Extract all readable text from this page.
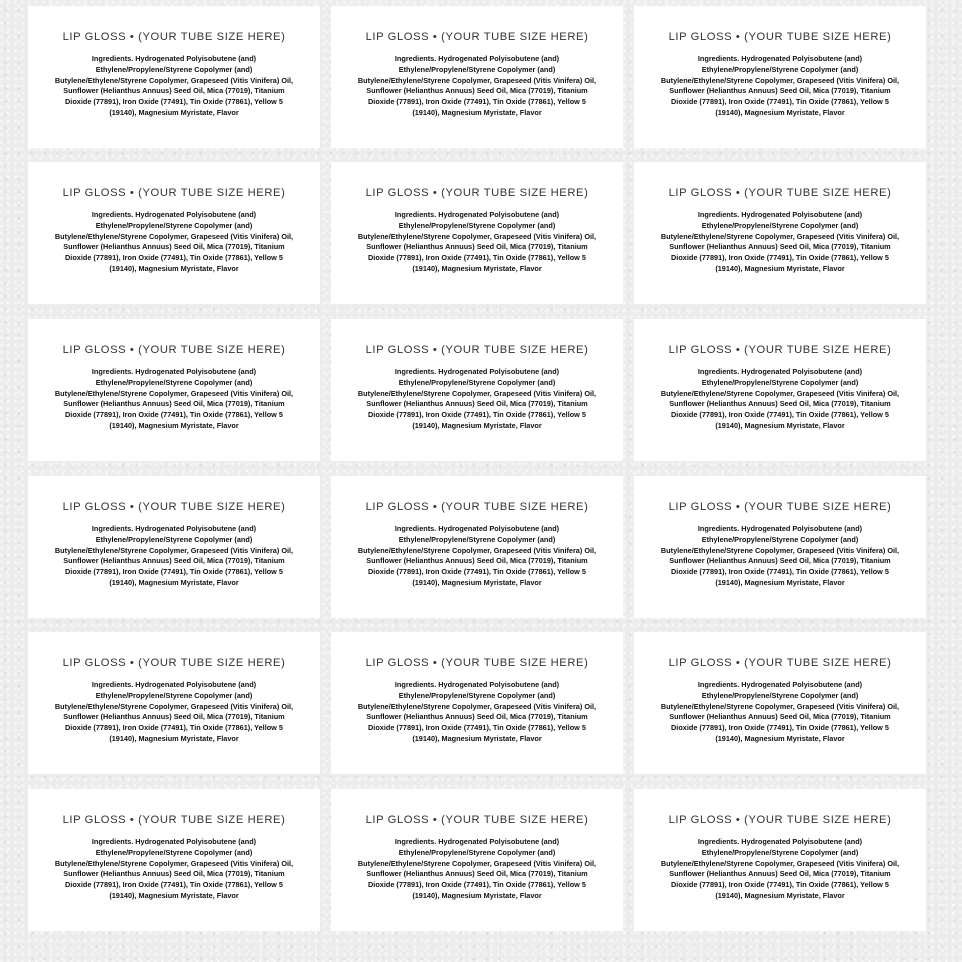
LIP GLOSS • (YOUR TUBE SIZE HERE)
Ingredients. Hydrogenated Polyisobutene (and)
Ethylene/Propylene/Styrene Copolymer (and)
Butylene/Ethylene/Styrene Copolymer, Grapeseed (Vitis Vinifera) Oil,
Sunflower (Helianthus Annuus) Seed Oil, Mica (77019), Titanium
Dioxide (77891), Iron Oxide (77491), Tin Oxide (77861), Yellow 5
(19140), Magnesium Myristate, Flavor
LIP GLOSS • (YOUR TUBE SIZE HERE)
Ingredients. Hydrogenated Polyisobutene (and)
Ethylene/Propylene/Styrene Copolymer (and)
Butylene/Ethylene/Styrene Copolymer, Grapeseed (Vitis Vinifera) Oil,
Sunflower (Helianthus Annuus) Seed Oil, Mica (77019), Titanium
Dioxide (77891), Iron Oxide (77491), Tin Oxide (77861), Yellow 5
(19140), Magnesium Myristate, Flavor
LIP GLOSS • (YOUR TUBE SIZE HERE)
Ingredients. Hydrogenated Polyisobutene (and)
Ethylene/Propylene/Styrene Copolymer (and)
Butylene/Ethylene/Styrene Copolymer, Grapeseed (Vitis Vinifera) Oil,
Sunflower (Helianthus Annuus) Seed Oil, Mica (77019), Titanium
Dioxide (77891), Iron Oxide (77491), Tin Oxide (77861), Yellow 5
(19140), Magnesium Myristate, Flavor
LIP GLOSS • (YOUR TUBE SIZE HERE)
Ingredients. Hydrogenated Polyisobutene (and)
Ethylene/Propylene/Styrene Copolymer (and)
Butylene/Ethylene/Styrene Copolymer, Grapeseed (Vitis Vinifera) Oil,
Sunflower (Helianthus Annuus) Seed Oil, Mica (77019), Titanium
Dioxide (77891), Iron Oxide (77491), Tin Oxide (77861), Yellow 5
(19140), Magnesium Myristate, Flavor
LIP GLOSS • (YOUR TUBE SIZE HERE)
Ingredients. Hydrogenated Polyisobutene (and)
Ethylene/Propylene/Styrene Copolymer (and)
Butylene/Ethylene/Styrene Copolymer, Grapeseed (Vitis Vinifera) Oil,
Sunflower (Helianthus Annuus) Seed Oil, Mica (77019), Titanium
Dioxide (77891), Iron Oxide (77491), Tin Oxide (77861), Yellow 5
(19140), Magnesium Myristate, Flavor
LIP GLOSS • (YOUR TUBE SIZE HERE)
Ingredients. Hydrogenated Polyisobutene (and)
Ethylene/Propylene/Styrene Copolymer (and)
Butylene/Ethylene/Styrene Copolymer, Grapeseed (Vitis Vinifera) Oil,
Sunflower (Helianthus Annuus) Seed Oil, Mica (77019), Titanium
Dioxide (77891), Iron Oxide (77491), Tin Oxide (77861), Yellow 5
(19140), Magnesium Myristate, Flavor
LIP GLOSS • (YOUR TUBE SIZE HERE)
Ingredients. Hydrogenated Polyisobutene (and)
Ethylene/Propylene/Styrene Copolymer (and)
Butylene/Ethylene/Styrene Copolymer, Grapeseed (Vitis Vinifera) Oil,
Sunflower (Helianthus Annuus) Seed Oil, Mica (77019), Titanium
Dioxide (77891), Iron Oxide (77491), Tin Oxide (77861), Yellow 5
(19140), Magnesium Myristate, Flavor
LIP GLOSS • (YOUR TUBE SIZE HERE)
Ingredients. Hydrogenated Polyisobutene (and)
Ethylene/Propylene/Styrene Copolymer (and)
Butylene/Ethylene/Styrene Copolymer, Grapeseed (Vitis Vinifera) Oil,
Sunflower (Helianthus Annuus) Seed Oil, Mica (77019), Titanium
Dioxide (77891), Iron Oxide (77491), Tin Oxide (77861), Yellow 5
(19140), Magnesium Myristate, Flavor
LIP GLOSS • (YOUR TUBE SIZE HERE)
Ingredients. Hydrogenated Polyisobutene (and)
Ethylene/Propylene/Styrene Copolymer (and)
Butylene/Ethylene/Styrene Copolymer, Grapeseed (Vitis Vinifera) Oil,
Sunflower (Helianthus Annuus) Seed Oil, Mica (77019), Titanium
Dioxide (77891), Iron Oxide (77491), Tin Oxide (77861), Yellow 5
(19140), Magnesium Myristate, Flavor
LIP GLOSS • (YOUR TUBE SIZE HERE)
Ingredients. Hydrogenated Polyisobutene (and)
Ethylene/Propylene/Styrene Copolymer (and)
Butylene/Ethylene/Styrene Copolymer, Grapeseed (Vitis Vinifera) Oil,
Sunflower (Helianthus Annuus) Seed Oil, Mica (77019), Titanium
Dioxide (77891), Iron Oxide (77491), Tin Oxide (77861), Yellow 5
(19140), Magnesium Myristate, Flavor
LIP GLOSS • (YOUR TUBE SIZE HERE)
Ingredients. Hydrogenated Polyisobutene (and)
Ethylene/Propylene/Styrene Copolymer (and)
Butylene/Ethylene/Styrene Copolymer, Grapeseed (Vitis Vinifera) Oil,
Sunflower (Helianthus Annuus) Seed Oil, Mica (77019), Titanium
Dioxide (77891), Iron Oxide (77491), Tin Oxide (77861), Yellow 5
(19140), Magnesium Myristate, Flavor
LIP GLOSS • (YOUR TUBE SIZE HERE)
Ingredients. Hydrogenated Polyisobutene (and)
Ethylene/Propylene/Styrene Copolymer (and)
Butylene/Ethylene/Styrene Copolymer, Grapeseed (Vitis Vinifera) Oil,
Sunflower (Helianthus Annuus) Seed Oil, Mica (77019), Titanium
Dioxide (77891), Iron Oxide (77491), Tin Oxide (77861), Yellow 5
(19140), Magnesium Myristate, Flavor
LIP GLOSS • (YOUR TUBE SIZE HERE)
Ingredients. Hydrogenated Polyisobutene (and)
Ethylene/Propylene/Styrene Copolymer (and)
Butylene/Ethylene/Styrene Copolymer, Grapeseed (Vitis Vinifera) Oil,
Sunflower (Helianthus Annuus) Seed Oil, Mica (77019), Titanium
Dioxide (77891), Iron Oxide (77491), Tin Oxide (77861), Yellow 5
(19140), Magnesium Myristate, Flavor
LIP GLOSS • (YOUR TUBE SIZE HERE)
Ingredients. Hydrogenated Polyisobutene (and)
Ethylene/Propylene/Styrene Copolymer (and)
Butylene/Ethylene/Styrene Copolymer, Grapeseed (Vitis Vinifera) Oil,
Sunflower (Helianthus Annuus) Seed Oil, Mica (77019), Titanium
Dioxide (77891), Iron Oxide (77491), Tin Oxide (77861), Yellow 5
(19140), Magnesium Myristate, Flavor
LIP GLOSS • (YOUR TUBE SIZE HERE)
Ingredients. Hydrogenated Polyisobutene (and)
Ethylene/Propylene/Styrene Copolymer (and)
Butylene/Ethylene/Styrene Copolymer, Grapeseed (Vitis Vinifera) Oil,
Sunflower (Helianthus Annuus) Seed Oil, Mica (77019), Titanium
Dioxide (77891), Iron Oxide (77491), Tin Oxide (77861), Yellow 5
(19140), Magnesium Myristate, Flavor
LIP GLOSS • (YOUR TUBE SIZE HERE)
Ingredients. Hydrogenated Polyisobutene (and)
Ethylene/Propylene/Styrene Copolymer (and)
Butylene/Ethylene/Styrene Copolymer, Grapeseed (Vitis Vinifera) Oil,
Sunflower (Helianthus Annuus) Seed Oil, Mica (77019), Titanium
Dioxide (77891), Iron Oxide (77491), Tin Oxide (77861), Yellow 5
(19140), Magnesium Myristate, Flavor
LIP GLOSS • (YOUR TUBE SIZE HERE)
Ingredients. Hydrogenated Polyisobutene (and)
Ethylene/Propylene/Styrene Copolymer (and)
Butylene/Ethylene/Styrene Copolymer, Grapeseed (Vitis Vinifera) Oil,
Sunflower (Helianthus Annuus) Seed Oil, Mica (77019), Titanium
Dioxide (77891), Iron Oxide (77491), Tin Oxide (77861), Yellow 5
(19140), Magnesium Myristate, Flavor
LIP GLOSS • (YOUR TUBE SIZE HERE)
Ingredients. Hydrogenated Polyisobutene (and)
Ethylene/Propylene/Styrene Copolymer (and)
Butylene/Ethylene/Styrene Copolymer, Grapeseed (Vitis Vinifera) Oil,
Sunflower (Helianthus Annuus) Seed Oil, Mica (77019), Titanium
Dioxide (77891), Iron Oxide (77491), Tin Oxide (77861), Yellow 5
(19140), Magnesium Myristate, Flavor
